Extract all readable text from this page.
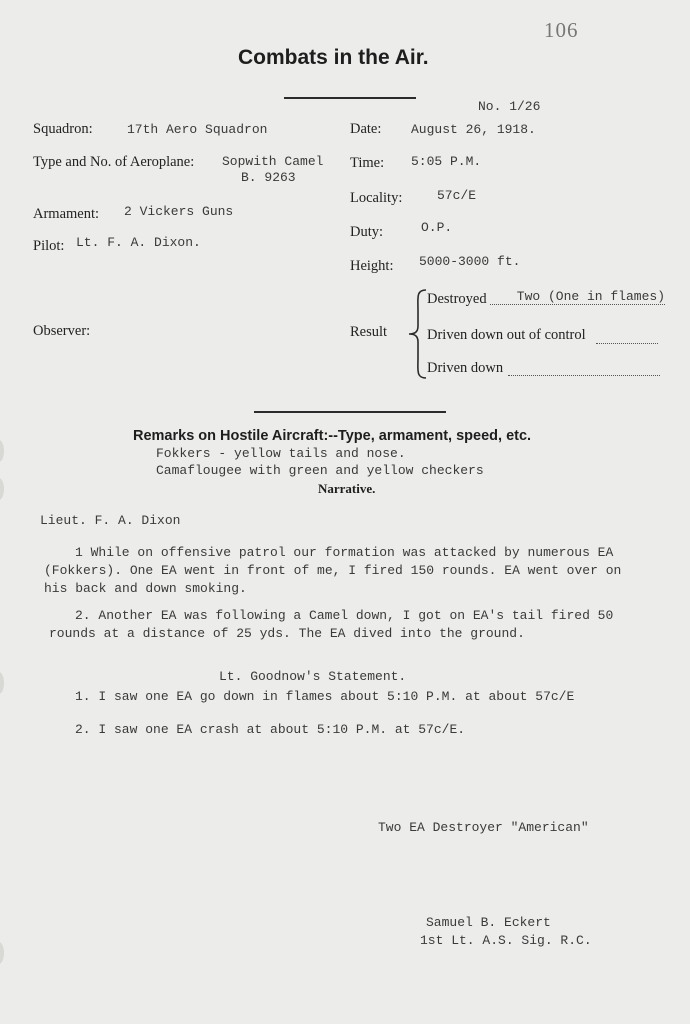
106
Combats in the Air.
No. 1/26
Squadron:	17th Aero Squadron
Type and No. of Aeroplane: Sopwith Camel
B. 9263
Armament: 2 Vickers Guns
Pilot: Lt. F. A. Dixon.
Observer:
Date: August 26, 1918.
Time: 5:05 P.M.
Locality:	57c/E
Duty:	O.P.
Height: 5000-3000 ft.
Result
Destroyed	Two (One in flames)
Driven down out of control
Driven down
Remarks on Hostile Aircraft:--Type, armament, speed, etc.
Fokkers - yellow tails and nose.
Camaflougee with green and yellow checkers
Narrative.
Lieut. F. A. Dixon
1 While on offensive patrol our formation was attacked by numerous EA
(Fokkers). One EA went in front of me, I fired 150 rounds. EA went over on
his back and down smoking.
2. Another EA was following a Camel down, I got on EA's tail fired 50
rounds at a distance of 25 yds. The EA dived into the ground.
Lt. Goodnow's Statement.
1. I saw one EA go down in flames about 5:10 P.M. at about 57c/E
2. I saw one EA crash at about 5:10 P.M. at 57c/E.
Two EA Destroyer "American"
Samuel B. Eckert
1st Lt. A.S. Sig. R.C.
